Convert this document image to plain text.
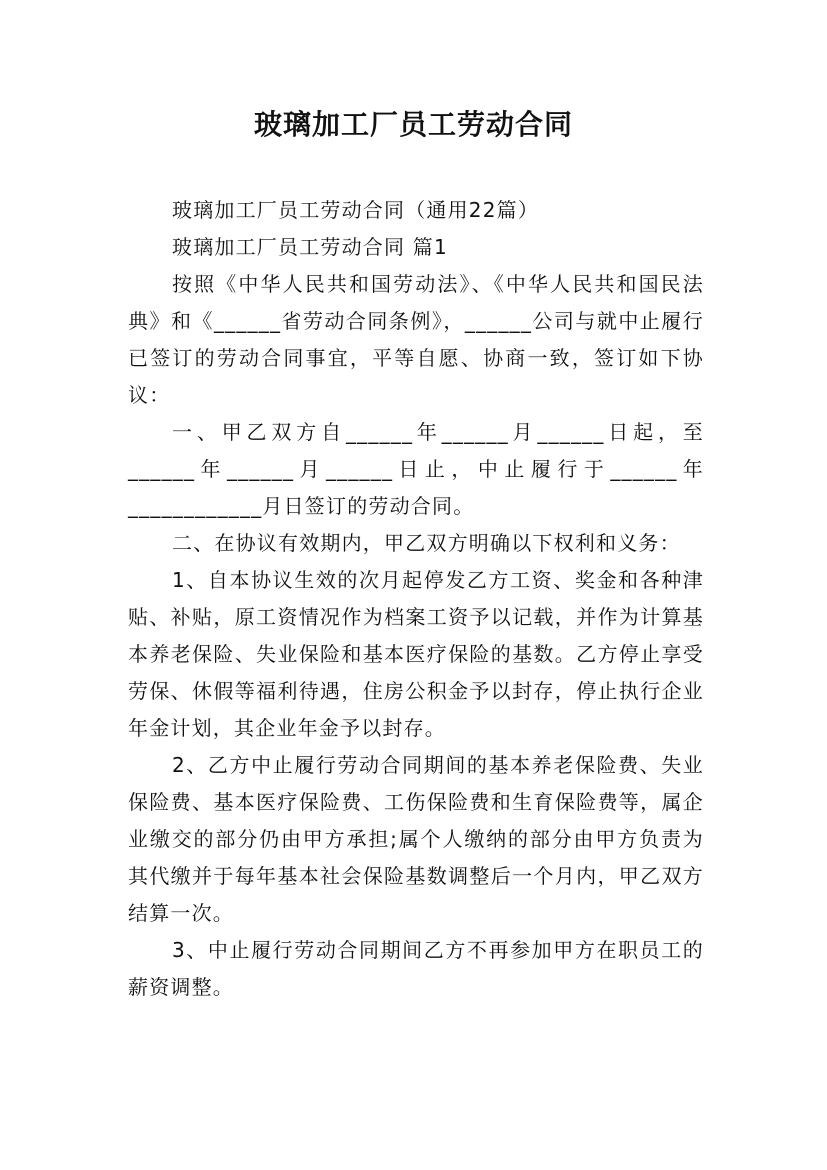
玻璃加工厂员工劳动合同

玻璃加工厂员工劳动合同（通用22篇）

玻璃加工厂员工劳动合同 篇1

按照《中华人民共和国劳动法》、《中华人民共和国民法典》和《______省劳动合同条例》，______公司与就中止履行已签订的劳动合同事宜，平等自愿、协商一致，签订如下协议：

一、甲乙双方自______年______月______日起，至______年______月______日止，中止履行于______年____________月日签订的劳动合同。

二、在协议有效期内，甲乙双方明确以下权利和义务：

1、自本协议生效的次月起停发乙方工资、奖金和各种津贴、补贴，原工资情况作为档案工资予以记载，并作为计算基本养老保险、失业保险和基本医疗保险的基数。乙方停止享受劳保、休假等福利待遇，住房公积金予以封存，停止执行企业年金计划，其企业年金予以封存。

2、乙方中止履行劳动合同期间的基本养老保险费、失业保险费、基本医疗保险费、工伤保险费和生育保险费等，属企业缴交的部分仍由甲方承担;属个人缴纳的部分由甲方负责为其代缴并于每年基本社会保险基数调整后一个月内，甲乙双方结算一次。

3、中止履行劳动合同期间乙方不再参加甲方在职员工的薪资调整。
